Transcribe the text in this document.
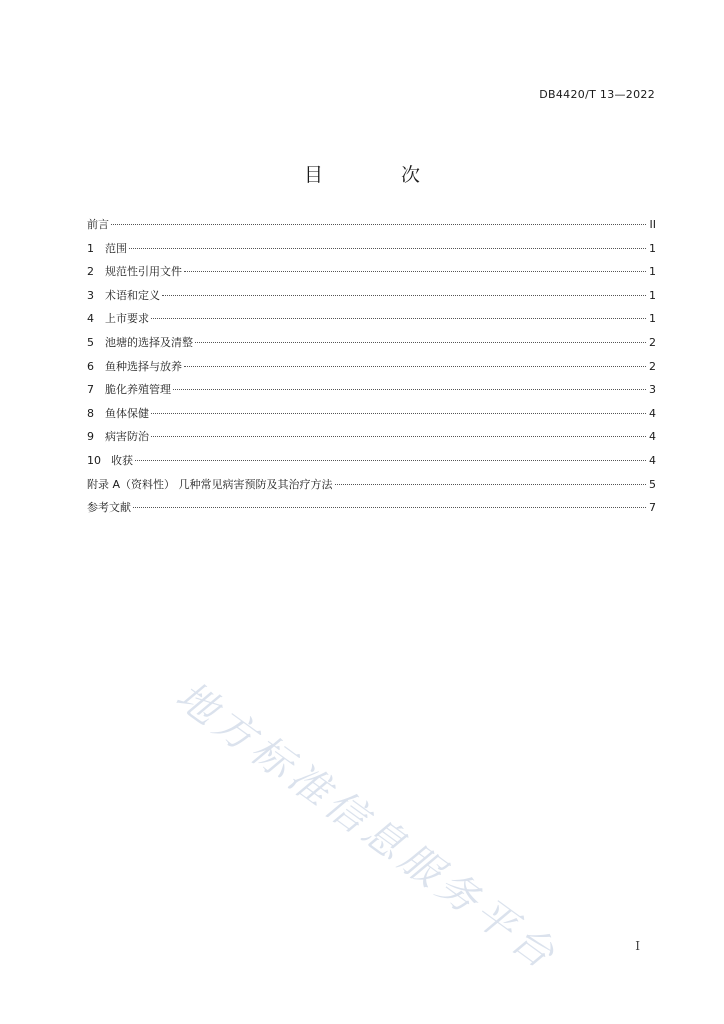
DB4420/T 13—2022
目 次
前言	II
1 范围	1
2 规范性引用文件	1
3 术语和定义	1
4 上市要求	1
5 池塘的选择及清整	2
6 鱼种选择与放养	2
7 脆化养殖管理	3
8 鱼体保健	4
9 病害防治	4
10 收获	4
附录 A（资料性） 几种常见病害预防及其治疗方法	5
参考文献	7
地方标准信息服务平台	I
